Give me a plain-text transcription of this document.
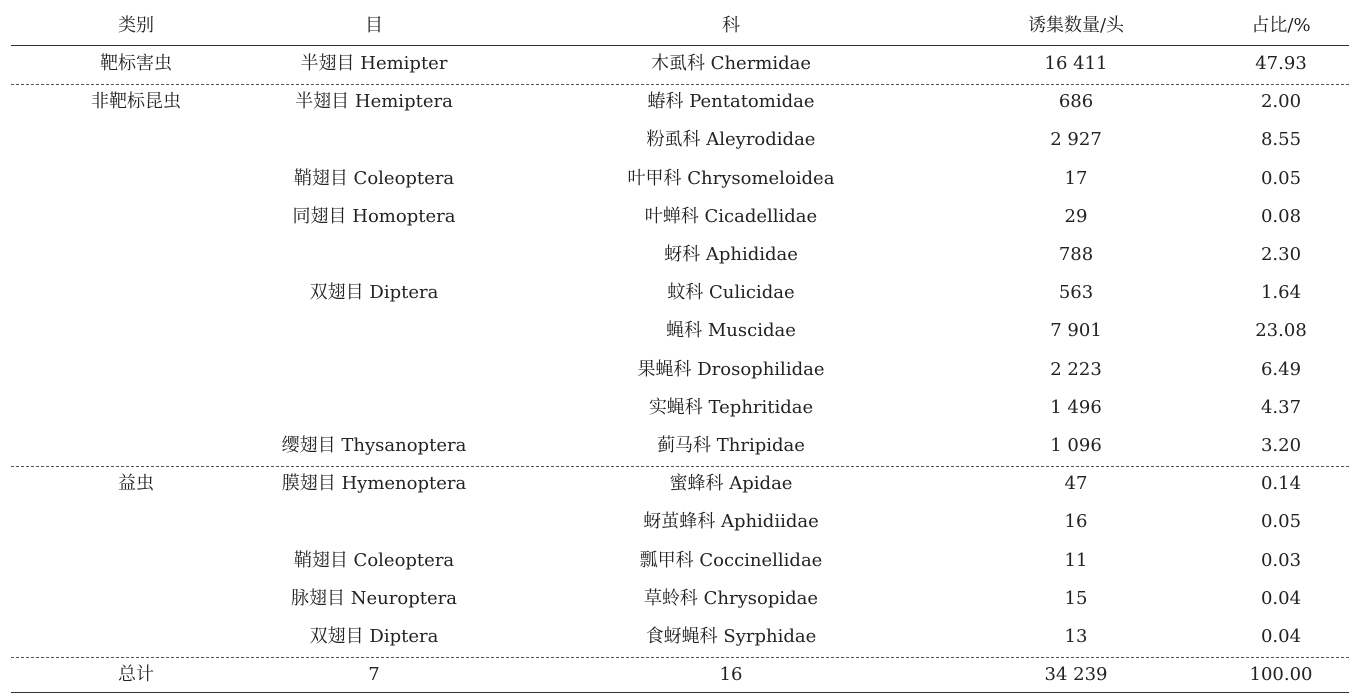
类别	目	科	诱集数量/头	占比/%
靶标害虫	半翅目 Hemipter	木虱科 Chermidae	16 411	47.93
非靶标昆虫	半翅目 Hemiptera	蝽科 Pentatomidae	686	2.00
粉虱科 Aleyrodidae	2 927	8.55
鞘翅目 Coleoptera	叶甲科 Chrysomeloidea	17	0.05
同翅目 Homoptera	叶蝉科 Cicadellidae	29	0.08
蚜科 Aphididae	788	2.30
双翅目 Diptera	蚊科 Culicidae	563	1.64
蝇科 Muscidae	7 901	23.08
果蝇科 Drosophilidae	2 223	6.49
实蝇科 Tephritidae	1 496	4.37
缨翅目 Thysanoptera	蓟马科 Thripidae	1 096	3.20
益虫	膜翅目 Hymenoptera	蜜蜂科 Apidae	47	0.14
蚜茧蜂科 Aphidiidae	16	0.05
鞘翅目 Coleoptera	瓢甲科 Coccinellidae	11	0.03
脉翅目 Neuroptera	草蛉科 Chrysopidae	15	0.04
双翅目 Diptera	食蚜蝇科 Syrphidae	13	0.04
总计	7	16	34 239	100.00
